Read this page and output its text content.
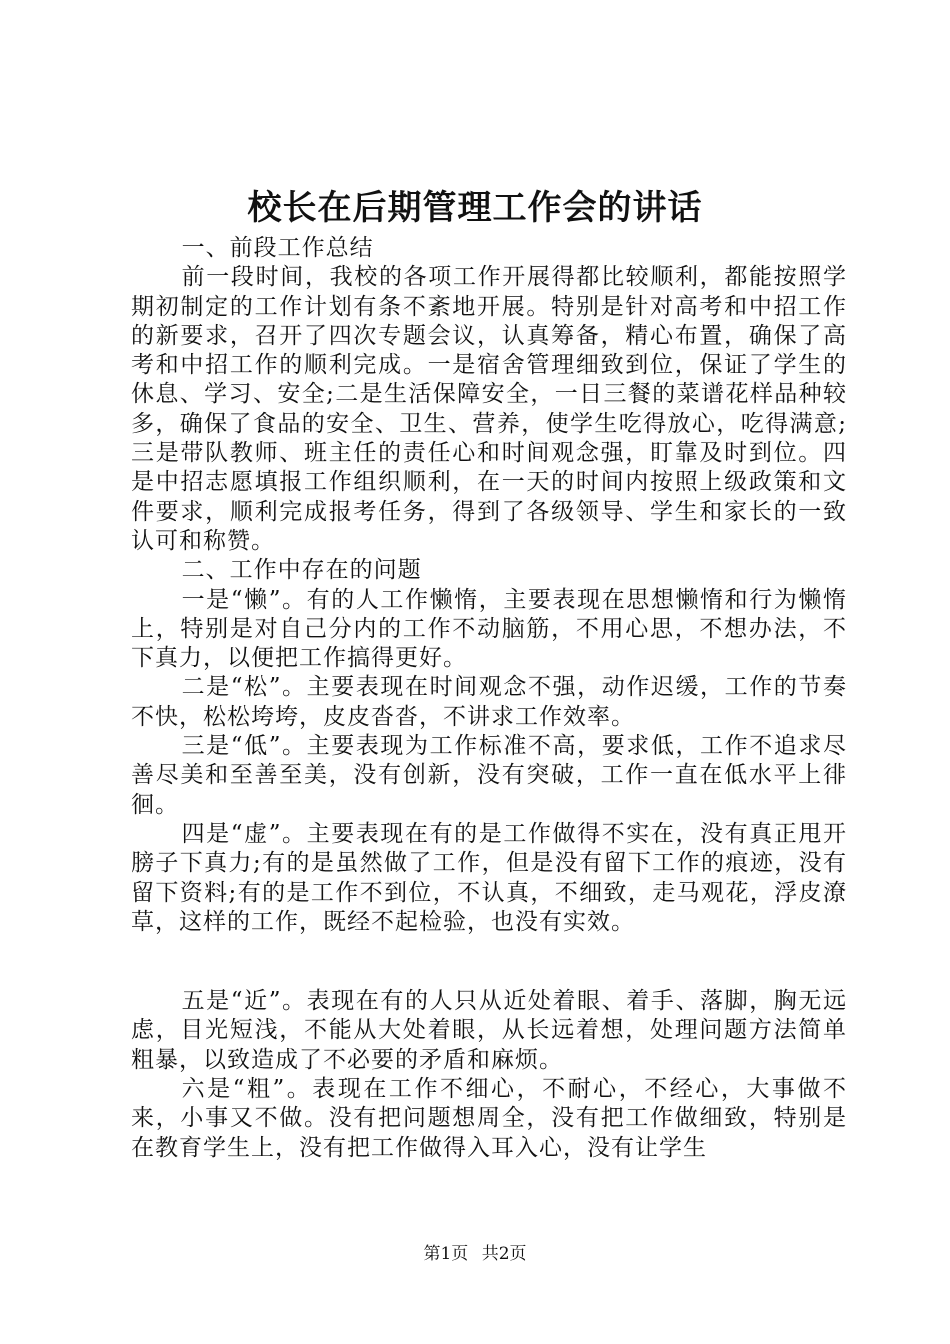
校长在后期管理工作会的讲话

一、前段工作总结

前一段时间，我校的各项工作开展得都比较顺利，都能按照学期初制定的工作计划有条不紊地开展。特别是针对高考和中招工作的新要求，召开了四次专题会议，认真筹备，精心布置，确保了高考和中招工作的顺利完成。一是宿舍管理细致到位，保证了学生的休息、学习、安全;二是生活保障安全，一日三餐的菜谱花样品种较多，确保了食品的安全、卫生、营养，使学生吃得放心，吃得满意;三是带队教师、班主任的责任心和时间观念强，盯靠及时到位。四是中招志愿填报工作组织顺利，在一天的时间内按照上级政策和文件要求，顺利完成报考任务，得到了各级领导、学生和家长的一致认可和称赞。

二、工作中存在的问题

一是“懒”。有的人工作懒惰，主要表现在思想懒惰和行为懒惰上，特别是对自己分内的工作不动脑筋，不用心思，不想办法，不下真力，以便把工作搞得更好。

二是“松”。主要表现在时间观念不强，动作迟缓，工作的节奏不快，松松垮垮，皮皮沓沓，不讲求工作效率。

三是“低”。主要表现为工作标准不高，要求低，工作不追求尽善尽美和至善至美，没有创新，没有突破，工作一直在低水平上徘徊。

四是“虚”。主要表现在有的是工作做得不实在，没有真正甩开膀子下真力;有的是虽然做了工作，但是没有留下工作的痕迹，没有留下资料;有的是工作不到位，不认真，不细致，走马观花，浮皮潦草，这样的工作，既经不起检验，也没有实效。

五是“近”。表现在有的人只从近处着眼、着手、落脚，胸无远虑，目光短浅，不能从大处着眼，从长远着想，处理问题方法简单粗暴，以致造成了不必要的矛盾和麻烦。

六是“粗”。表现在工作不细心，不耐心，不经心，大事做不来，小事又不做。没有把问题想周全，没有把工作做细致，特别是在教育学生上，没有把工作做得入耳入心，没有让学生

第1页 共2页
